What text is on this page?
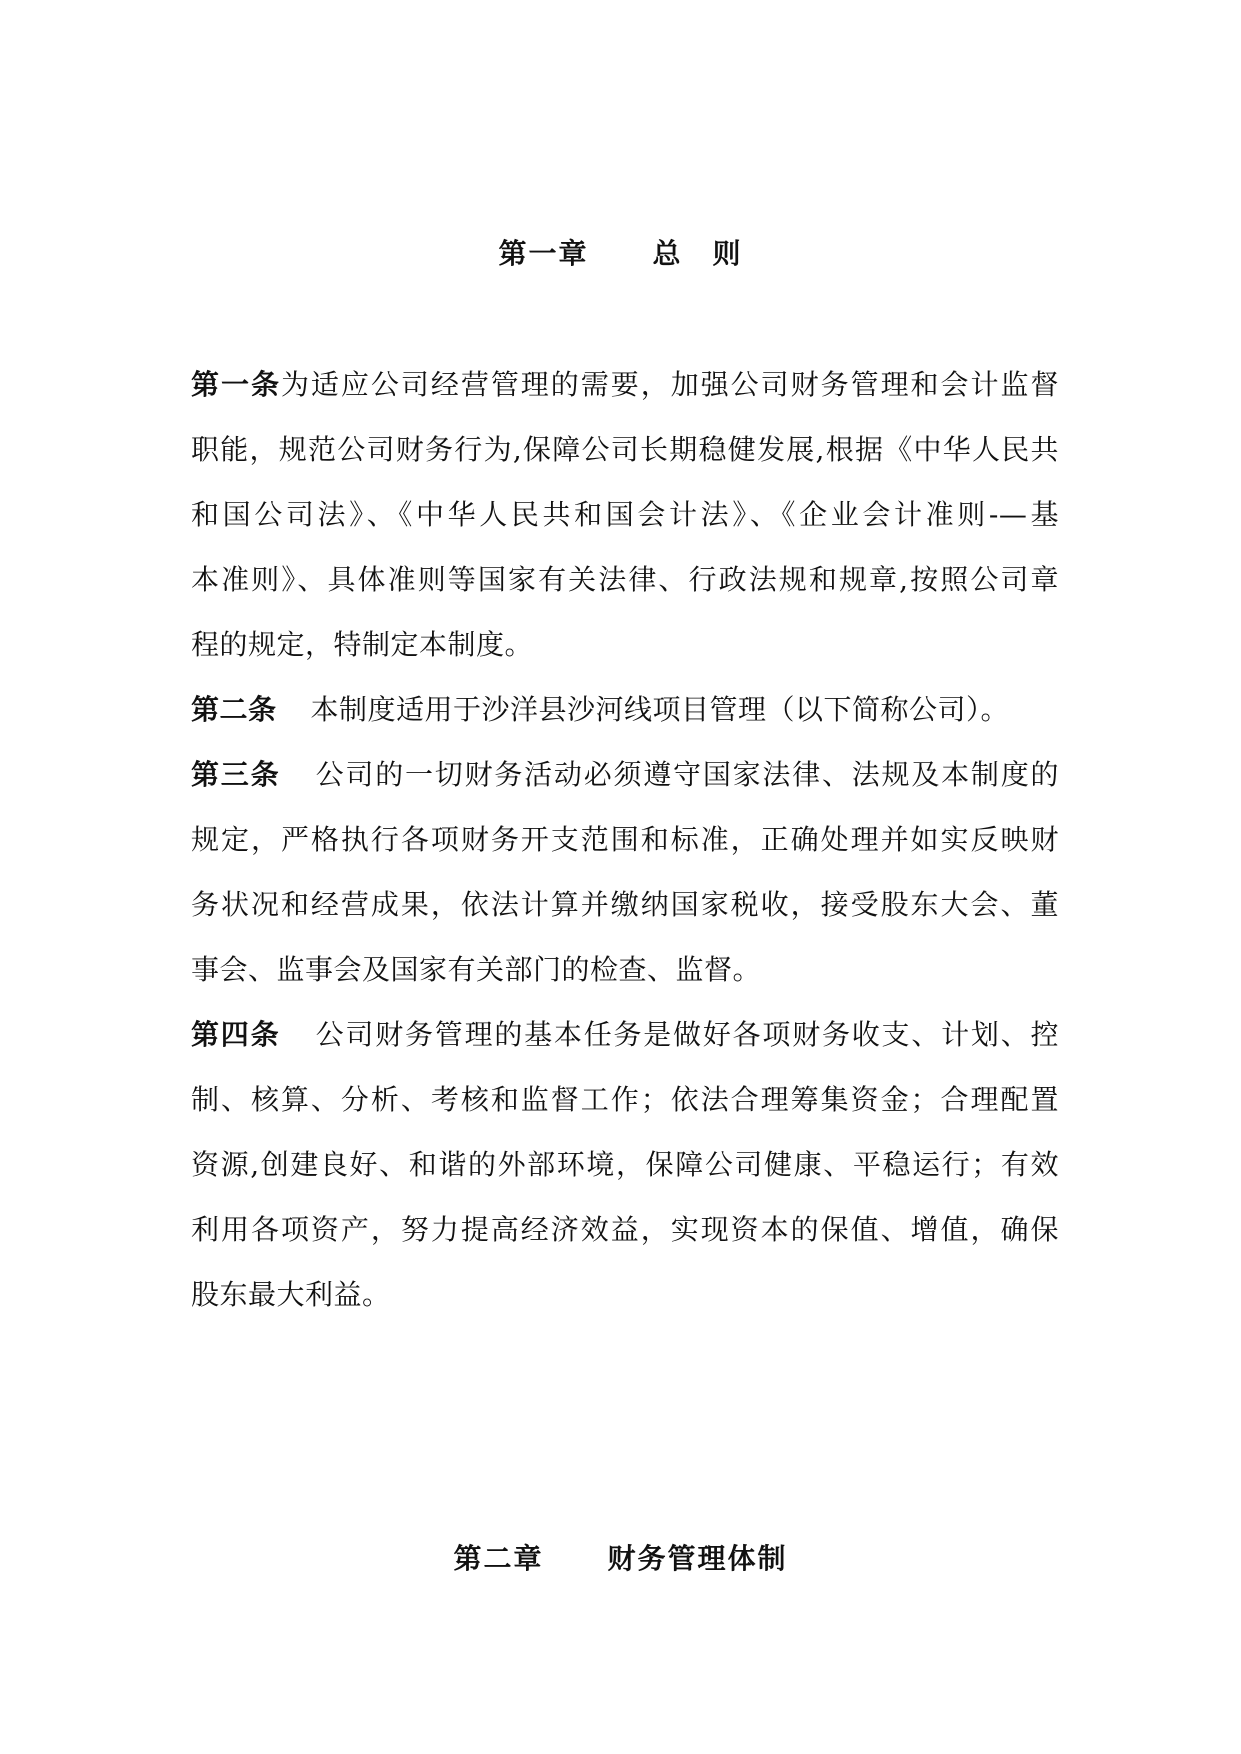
第一章 总　则
第一条为适应公司经营管理的需要，加强公司财务管理和会计监督
职能，规范公司财务行为,保障公司长期稳健发展,根据《中华人民共
和国公司法》、《中华人民共和国会计法》、《企业会计准则-—基
本准则》、具体准则等国家有关法律、行政法规和规章,按照公司章
程的规定，特制定本制度。
第二条 本制度适用于沙洋县沙河线项目管理（以下简称公司）。
第三条 公司的一切财务活动必须遵守国家法律、法规及本制度的
规定，严格执行各项财务开支范围和标准，正确处理并如实反映财
务状况和经营成果，依法计算并缴纳国家税收，接受股东大会、董
事会、监事会及国家有关部门的检查、监督。
第四条 公司财务管理的基本任务是做好各项财务收支、计划、控
制、核算、分析、考核和监督工作；依法合理筹集资金；合理配置
资源,创建良好、和谐的外部环境，保障公司健康、平稳运行；有效
利用各项资产，努力提高经济效益，实现资本的保值、增值，确保
股东最大利益。
第二章 财务管理体制
